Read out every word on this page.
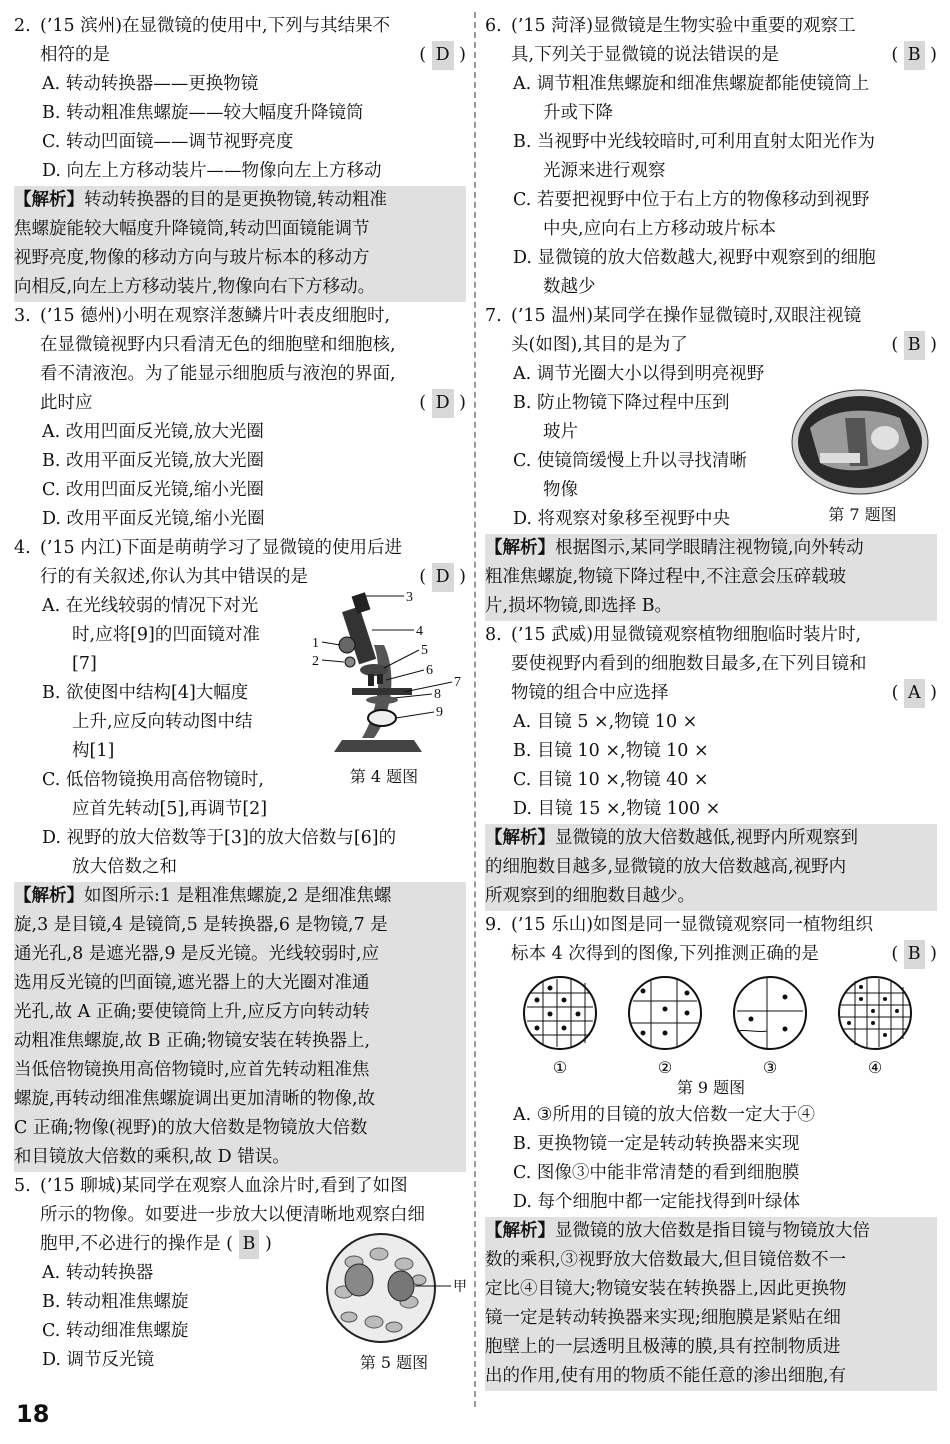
2. (’15 滨州)在显微镜的使用中,下列与其结果不
相符的是	( D )
A. 转动转换器——更换物镜
B. 转动粗准焦螺旋——较大幅度升降镜筒
C. 转动凹面镜——调节视野亮度
D. 向左上方移动装片——物像向左上方移动
【解析】转动转换器的目的是更换物镜,转动粗准
焦螺旋能较大幅度升降镜筒,转动凹面镜能调节
视野亮度,物像的移动方向与玻片标本的移动方
向相反,向左上方移动装片,物像向右下方移动。
3. (’15 德州)小明在观察洋葱鳞片叶表皮细胞时,
在显微镜视野内只看清无色的细胞壁和细胞核,
看不清液泡。为了能显示细胞质与液泡的界面,
此时应	( D )
A. 改用凹面反光镜,放大光圈
B. 改用平面反光镜,放大光圈
C. 改用凹面反光镜,缩小光圈
D. 改用平面反光镜,缩小光圈
4. (’15 内江)下面是萌萌学习了显微镜的使用后进
行的有关叙述,你认为其中错误的是	( D )
A. 在光线较弱的情况下对光
时,应将[9]的凹面镜对准
[7]
B. 欲使图中结构[4]大幅度
上升,应反向转动图中结
构[1]
C. 低倍物镜换用高倍物镜时,
应首先转动[5],再调节[2]
D. 视野的放大倍数等于[3]的放大倍数与[6]的
放大倍数之和
1
2
3
4
5
6
7
8
9
第 4 题图
【解析】如图所示:1 是粗准焦螺旋,2 是细准焦螺
旋,3 是目镜,4 是镜筒,5 是转换器,6 是物镜,7 是
通光孔,8 是遮光器,9 是反光镜。光线较弱时,应
选用反光镜的凹面镜,遮光器上的大光圈对准通
光孔,故 A 正确;要使镜筒上升,应反方向转动转
动粗准焦螺旋,故 B 正确;物镜安装在转换器上,
当低倍物镜换用高倍物镜时,应首先转动粗准焦
螺旋,再转动细准焦螺旋调出更加清晰的物像,故
C 正确;物像(视野)的放大倍数是物镜放大倍数
和目镜放大倍数的乘积,故 D 错误。
5. (’15 聊城)某同学在观察人血涂片时,看到了如图
所示的物像。如要进一步放大以便清晰地观察白细
胞甲,不必进行的操作是 ( B )
A. 转动转换器
B. 转动粗准焦螺旋
C. 转动细准焦螺旋
D. 调节反光镜
甲
第 5 题图
6. (’15 菏泽)显微镜是生物实验中重要的观察工
具,下列关于显微镜的说法错误的是	( B )
A. 调节粗准焦螺旋和细准焦螺旋都能使镜筒上
升或下降
B. 当视野中光线较暗时,可利用直射太阳光作为
光源来进行观察
C. 若要把视野中位于右上方的物像移动到视野
中央,应向右上方移动玻片标本
D. 显微镜的放大倍数越大,视野中观察到的细胞
数越少
7. (’15 温州)某同学在操作显微镜时,双眼注视镜
头(如图),其目的是为了	( B )
A. 调节光圈大小以得到明亮视野
B. 防止物镜下降过程中压到
玻片
C. 使镜筒缓慢上升以寻找清晰
物像
D. 将观察对象移至视野中央	第 7 题图
【解析】根据图示,某同学眼睛注视物镜,向外转动
粗准焦螺旋,物镜下降过程中,不注意会压碎载玻
片,损坏物镜,即选择 B。
8. (’15 武威)用显微镜观察植物细胞临时装片时,
要使视野内看到的细胞数目最多,在下列目镜和
物镜的组合中应选择	( A )
A. 目镜 5 ×,物镜 10 ×
B. 目镜 10 ×,物镜 10 ×
C. 目镜 10 ×,物镜 40 ×
D. 目镜 15 ×,物镜 100 ×
【解析】显微镜的放大倍数越低,视野内所观察到
的细胞数目越多,显微镜的放大倍数越高,视野内
所观察到的细胞数目越少。
9. (’15 乐山)如图是同一显微镜观察同一植物组织
标本 4 次得到的图像,下列推测正确的是	( B )
①	②	③	④
第 9 题图
A. ③所用的目镜的放大倍数一定大于④
B. 更换物镜一定是转动转换器来实现
C. 图像③中能非常清楚的看到细胞膜
D. 每个细胞中都一定能找得到叶绿体
【解析】显微镜的放大倍数是指目镜与物镜放大倍
数的乘积,③视野放大倍数最大,但目镜倍数不一
定比④目镜大;物镜安装在转换器上,因此更换物
镜一定是转动转换器来实现;细胞膜是紧贴在细
胞壁上的一层透明且极薄的膜,具有控制物质进
出的作用,使有用的物质不能任意的渗出细胞,有
18
